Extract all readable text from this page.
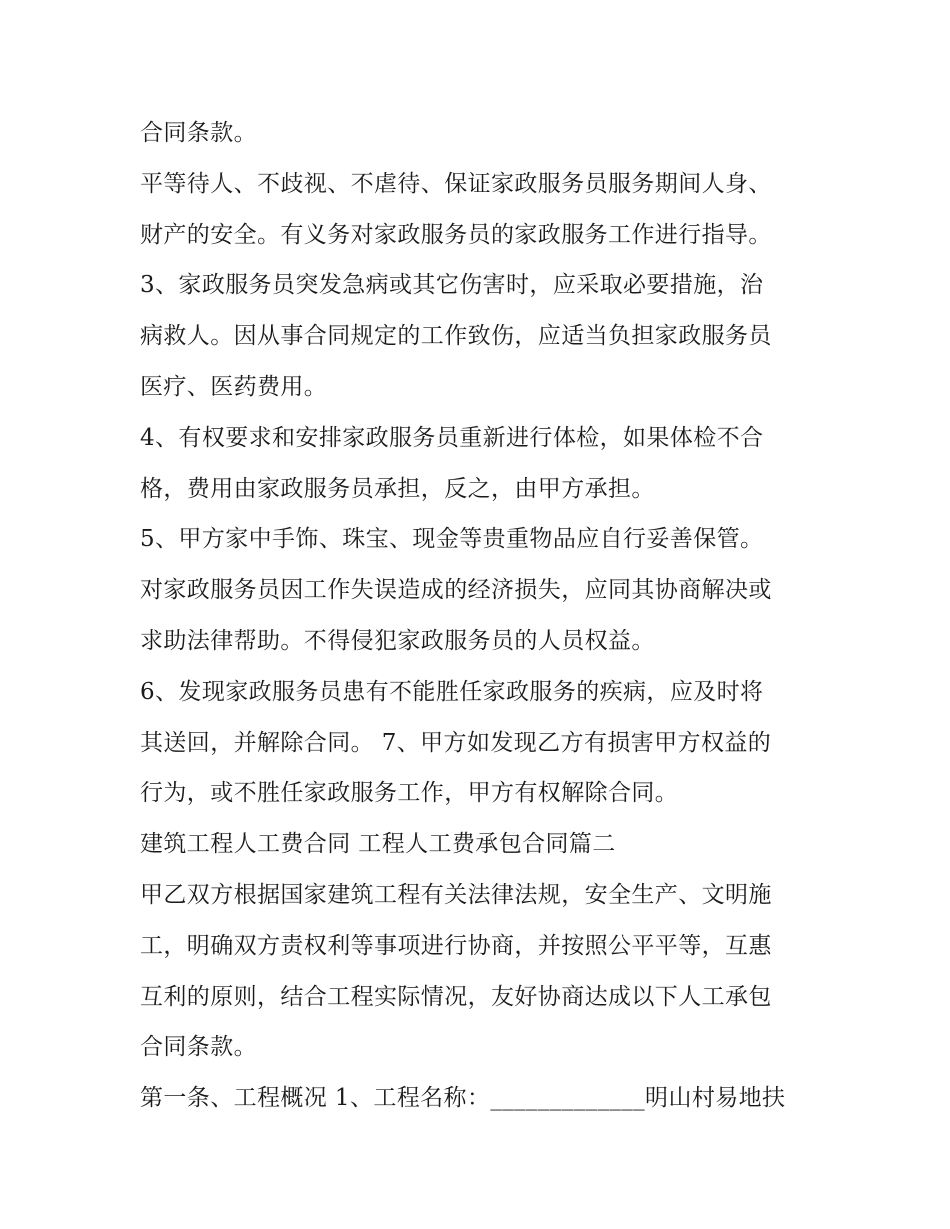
合同条款。
平等待人、不歧视、不虐待、保证家政服务员服务期间人身、
财产的安全。有义务对家政服务员的家政服务工作进行指导。
3、家政服务员突发急病或其它伤害时，应采取必要措施，治
病救人。因从事合同规定的工作致伤，应适当负担家政服务员
医疗、医药费用。
4、有权要求和安排家政服务员重新进行体检，如果体检不合
格，费用由家政服务员承担，反之，由甲方承担。
5、甲方家中手饰、珠宝、现金等贵重物品应自行妥善保管。
对家政服务员因工作失误造成的经济损失，应同其协商解决或
求助法律帮助。不得侵犯家政服务员的人员权益。
6、发现家政服务员患有不能胜任家政服务的疾病，应及时将
其送回，并解除合同。 7、甲方如发现乙方有损害甲方权益的
行为，或不胜任家政服务工作，甲方有权解除合同。
建筑工程人工费合同 工程人工费承包合同篇二
甲乙双方根据国家建筑工程有关法律法规，安全生产、文明施
工，明确双方责权利等事项进行协商，并按照公平平等，互惠
互利的原则，结合工程实际情况，友好协商达成以下人工承包
合同条款。
第一条、工程概况 1、工程名称：_____________明山村易地扶
